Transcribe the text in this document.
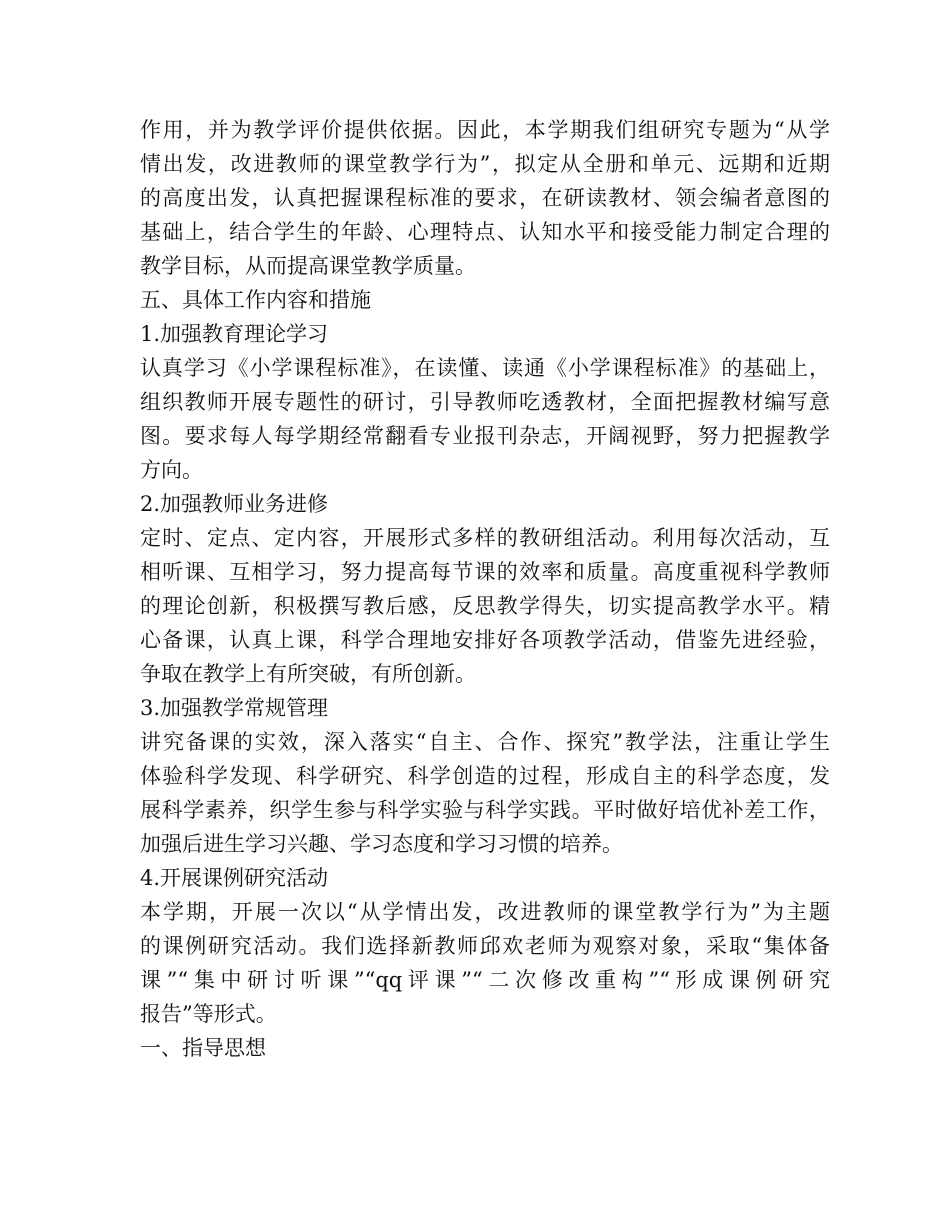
作用，并为教学评价提供依据。因此，本学期我们组研究专题为“从学
情出发，改进教师的课堂教学行为”，拟定从全册和单元、远期和近期
的高度出发，认真把握课程标准的要求，在研读教材、领会编者意图的
基础上，结合学生的年龄、心理特点、认知水平和接受能力制定合理的
教学目标，从而提高课堂教学质量。
五、具体工作内容和措施
1.加强教育理论学习
认真学习《小学课程标准》，在读懂、读通《小学课程标准》的基础上，
组织教师开展专题性的研讨，引导教师吃透教材，全面把握教材编写意
图。要求每人每学期经常翻看专业报刊杂志，开阔视野，努力把握教学
方向。
2.加强教师业务进修
定时、定点、定内容，开展形式多样的教研组活动。利用每次活动，互
相听课、互相学习，努力提高每节课的效率和质量。高度重视科学教师
的理论创新，积极撰写教后感，反思教学得失，切实提高教学水平。精
心备课，认真上课，科学合理地安排好各项教学活动，借鉴先进经验，
争取在教学上有所突破，有所创新。
3.加强教学常规管理
讲究备课的实效，深入落实“自主、合作、探究”教学法，注重让学生
体验科学发现、科学研究、科学创造的过程，形成自主的科学态度，发
展科学素养，织学生参与科学实验与科学实践。平时做好培优补差工作，
加强后进生学习兴趣、学习态度和学习习惯的培养。
4.开展课例研究活动
本学期，开展一次以“从学情出发，改进教师的课堂教学行为”为主题
的课例研究活动。我们选择新教师邱欢老师为观察对象，采取“集体备
课”“集中研讨听课”“qq评课”“二次修改重构”“形成课例研究
报告”等形式。
一、指导思想
